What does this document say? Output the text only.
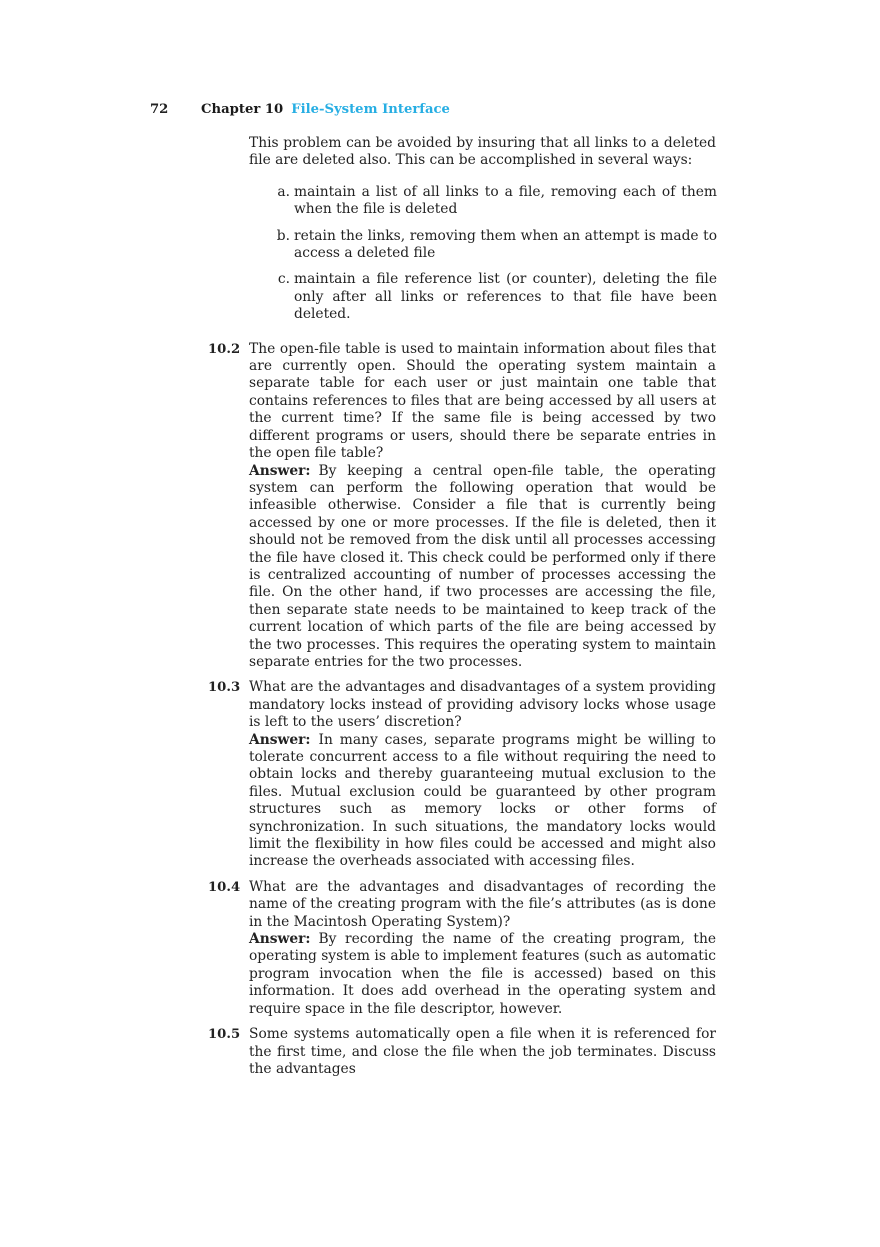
72 Chapter 10 File-System Interface

This problem can be avoided by insuring that all links to a deleted file are deleted also. This can be accomplished in several ways:

a. maintain a list of all links to a file, removing each of them when the file is deleted

b. retain the links, removing them when an attempt is made to access a deleted file

c. maintain a file reference list (or counter), deleting the file only after all links or references to that file have been deleted.

10.2 The open-file table is used to maintain information about files that are currently open. Should the operating system maintain a separate table for each user or just maintain one table that contains references to files that are being accessed by all users at the current time? If the same file is being accessed by two different programs or users, should there be separate entries in the open file table?

Answer: By keeping a central open-file table, the operating system can perform the following operation that would be infeasible otherwise. Consider a file that is currently being accessed by one or more processes. If the file is deleted, then it should not be removed from the disk until all processes accessing the file have closed it. This check could be performed only if there is centralized accounting of number of processes accessing the file. On the other hand, if two processes are accessing the file, then separate state needs to be maintained to keep track of the current location of which parts of the file are being accessed by the two processes. This requires the operating system to maintain separate entries for the two processes.

10.3 What are the advantages and disadvantages of a system providing mandatory locks instead of providing advisory locks whose usage is left to the users’ discretion?

Answer: In many cases, separate programs might be willing to tolerate concurrent access to a file without requiring the need to obtain locks and thereby guaranteeing mutual exclusion to the files. Mutual exclusion could be guaranteed by other program structures such as memory locks or other forms of synchronization. In such situations, the mandatory locks would limit the flexibility in how files could be accessed and might also increase the overheads associated with accessing files.

10.4 What are the advantages and disadvantages of recording the name of the creating program with the file’s attributes (as is done in the Macintosh Operating System)?

Answer: By recording the name of the creating program, the operating system is able to implement features (such as automatic program invocation when the file is accessed) based on this information. It does add overhead in the operating system and require space in the file descriptor, however.

10.5 Some systems automatically open a file when it is referenced for the first time, and close the file when the job terminates. Discuss the advantages
